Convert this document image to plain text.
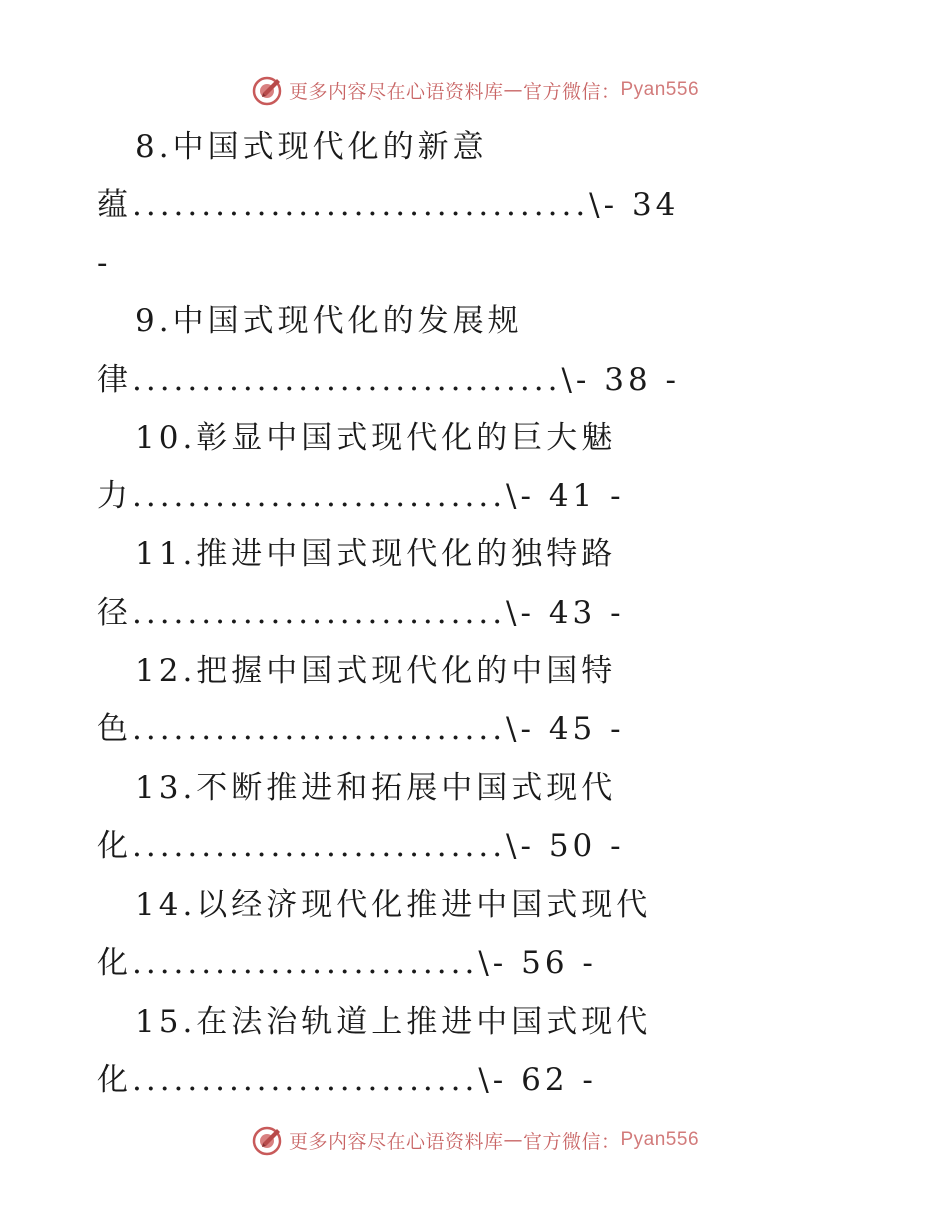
更多内容尽在心语资料库 — 官方微信： Pyan556
8.中国式现代化的新意
蕴.................................\- 34
-
9.中国式现代化的发展规
律...............................\- 38 -
10.彰显中国式现代化的巨大魅
力...........................\- 41 -
11.推进中国式现代化的独特路
径...........................\- 43 -
12.把握中国式现代化的中国特
色...........................\- 45 -
13.不断推进和拓展中国式现代
化...........................\- 50 -
14.以经济现代化推进中国式现代
化.........................\- 56 -
15.在法治轨道上推进中国式现代
化.........................\- 62 -
更多内容尽在心语资料库 — 官方微信： Pyan556
